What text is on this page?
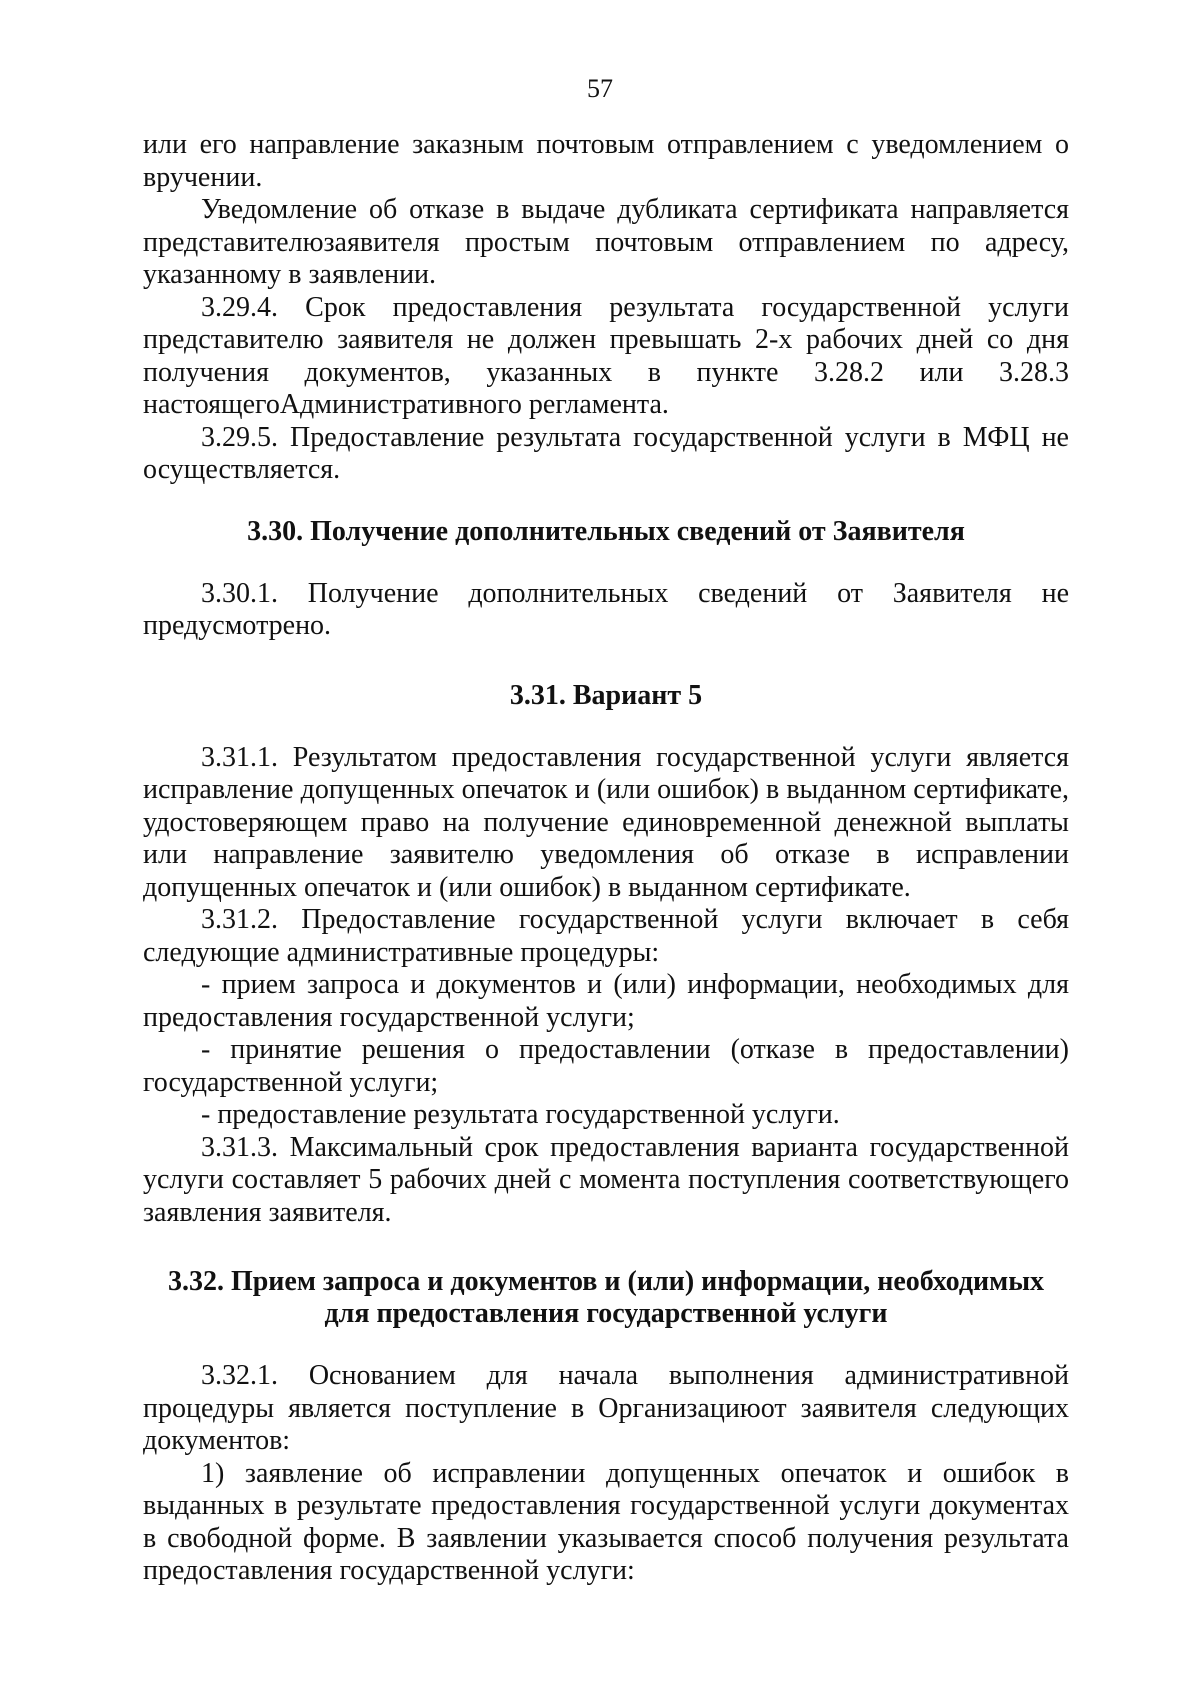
57

или его направление заказным почтовым отправлением с уведомлением о вручении.

Уведомление об отказе в выдаче дубликата сертификата направляется представителюзаявителя простым почтовым отправлением по адресу, указанному в заявлении.

3.29.4. Срок предоставления результата государственной услуги представителю заявителя не должен превышать 2-х рабочих дней со дня получения документов, указанных в пункте 3.28.2 или 3.28.3 настоящегоАдминистративного регламента.

3.29.5. Предоставление результата государственной услуги в МФЦ не осуществляется.

3.30. Получение дополнительных сведений от Заявителя

3.30.1. Получение дополнительных сведений от Заявителя не предусмотрено.

3.31. Вариант 5

3.31.1. Результатом предоставления государственной услуги является исправление допущенных опечаток и (или ошибок) в выданном сертификате, удостоверяющем право на получение единовременной денежной выплаты или направление заявителю уведомления об отказе в исправлении допущенных опечаток и (или ошибок) в выданном сертификате.

3.31.2. Предоставление государственной услуги включает в себя следующие административные процедуры:

- прием запроса и документов и (или) информации, необходимых для предоставления государственной услуги;

- принятие решения о предоставлении (отказе в предоставлении) государственной услуги;

- предоставление результата государственной услуги.

3.31.3. Максимальный срок предоставления варианта государственной услуги составляет 5 рабочих дней с момента поступления соответствующего заявления заявителя.

3.32. Прием запроса и документов и (или) информации, необходимых
для предоставления государственной услуги

3.32.1. Основанием для начала выполнения административной процедуры является поступление в Организациюот заявителя следующих документов:

1) заявление об исправлении допущенных опечаток и ошибок в выданных в результате предоставления государственной услуги документах в свободной форме. В заявлении указывается способ получения результата предоставления государственной услуги:
